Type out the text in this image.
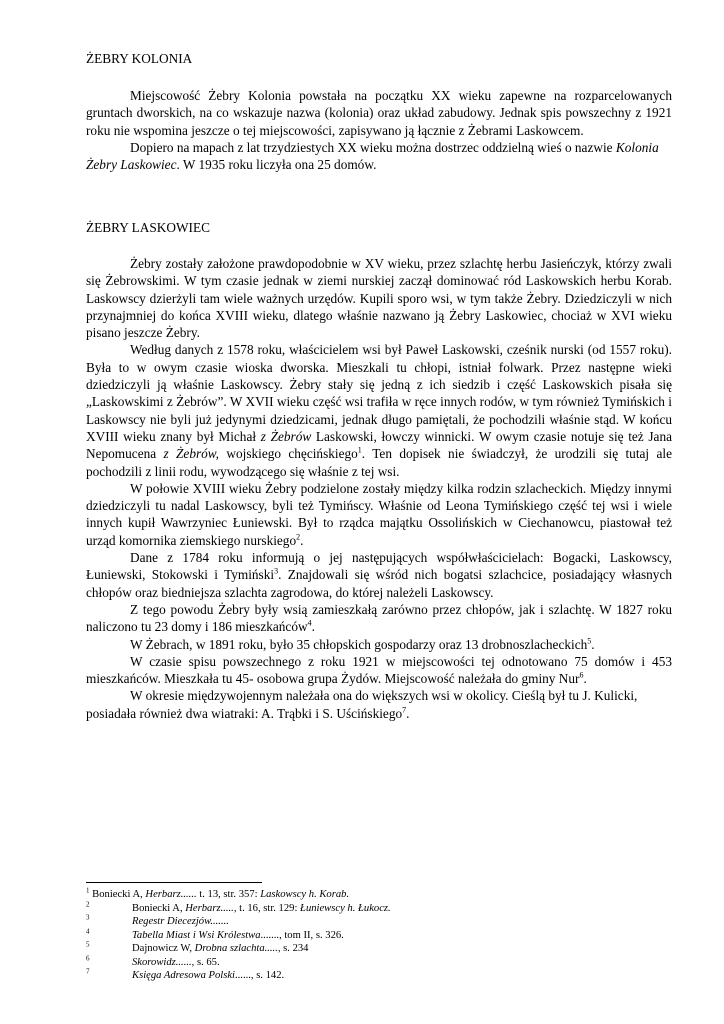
ŻEBRY KOLONIA

Miejscowość Żebry Kolonia powstała na początku XX wieku zapewne na rozparcelowanych gruntach dworskich, na co wskazuje nazwa (kolonia) oraz układ zabudowy. Jednak spis powszechny z 1921 roku nie wspomina jeszcze o tej miejscowości, zapisywano ją łącznie z Żebrami Laskowcem.

Dopiero na mapach z lat trzydziestych XX wieku można dostrzec oddzielną wieś o nazwie Kolonia Żebry Laskowiec. W 1935 roku liczyła ona 25 domów.

ŻEBRY LASKOWIEC

Żebry zostały założone prawdopodobnie w XV wieku, przez szlachtę herbu Jasieńczyk, którzy zwali się Żebrowskimi. W tym czasie jednak w ziemi nurskiej zaczął dominować ród Laskowskich herbu Korab. Laskowscy dzierżyli tam wiele ważnych urzędów. Kupili sporo wsi, w tym także Żebry. Dziedziczyli w nich przynajmniej do końca XVIII wieku, dlatego właśnie nazwano ją Żebry Laskowiec, chociaż w XVI wieku pisano jeszcze Żebry.

Według danych z 1578 roku, właścicielem wsi był Paweł Laskowski, cześnik nurski (od 1557 roku). Była to w owym czasie wioska dworska. Mieszkali tu chłopi, istniał folwark. Przez następne wieki dziedziczyli ją właśnie Laskowscy. Żebry stały się jedną z ich siedzib i część Laskowskich pisała się „Laskowskimi z Żebrów”. W XVII wieku część wsi trafiła w ręce innych rodów, w tym również Tymińskich i Laskowscy nie byli już jedynymi dziedzicami, jednak długo pamiętali, że pochodzili właśnie stąd. W końcu XVIII wieku znany był Michał z Żebrów Laskowski, łowczy winnicki. W owym czasie notuje się też Jana Nepomucena z Żebrów, wojskiego chęcińskiego$^1$. Ten dopisek nie świadczył, że urodzili się tutaj ale pochodzili z linii rodu, wywodzącego się właśnie z tej wsi.

W połowie XVIII wieku Żebry podzielone zostały między kilka rodzin szlacheckich. Między innymi dziedziczyli tu nadal Laskowscy, byli też Tymińscy. Właśnie od Leona Tymińskiego część tej wsi i wiele innych kupił Wawrzyniec Łuniewski. Był to rządca majątku Ossolińskich w Ciechanowcu, piastował też urząd komornika ziemskiego nurskiego$^2$.

Dane z 1784 roku informują o jej następujących współwłaścicielach: Bogacki, Laskowscy, Łuniewski, Stokowski i Tymiński$^3$. Znajdowali się wśród nich bogatsi szlachcice, posiadający własnych chłopów oraz biedniejsza szlachta zagrodowa, do której należeli Laskowscy.

Z tego powodu Żebry były wsią zamieszkałą zarówno przez chłopów, jak i szlachtę. W 1827 roku naliczono tu 23 domy i 186 mieszkańców$^4$.

W Żebrach, w 1891 roku, było 35 chłopskich gospodarzy oraz 13 drobnoszlacheckich$^5$.

W czasie spisu powszechnego z roku 1921 w miejscowości tej odnotowano 75 domów i 453 mieszkańców. Mieszkała tu 45- osobowa grupa Żydów. Miejscowość należała do gminy Nur$^6$.

W okresie międzywojennym należała ona do większych wsi w okolicy. Cieślą był tu J. Kulicki, posiadała również dwa wiatraki: A. Trąbki i S. Uścińskiego$^7$.

$^1$ Boniecki A, Herbarz...... t. 13, str. 357: Laskowscy h. Korab.
$^2$	Boniecki A, Herbarz....., t. 16, str. 129: Łuniewscy h. Łukocz.
$^3$	Regestr Diecezjów.......
$^4$	Tabella Miast i Wsi Królestwa......., tom II, s. 326.
$^5$	Dajnowicz W, Drobna szlachta....., s. 234
$^6$	Skorowidz......, s. 65.
$^7$	Księga Adresowa Polski......, s. 142.
